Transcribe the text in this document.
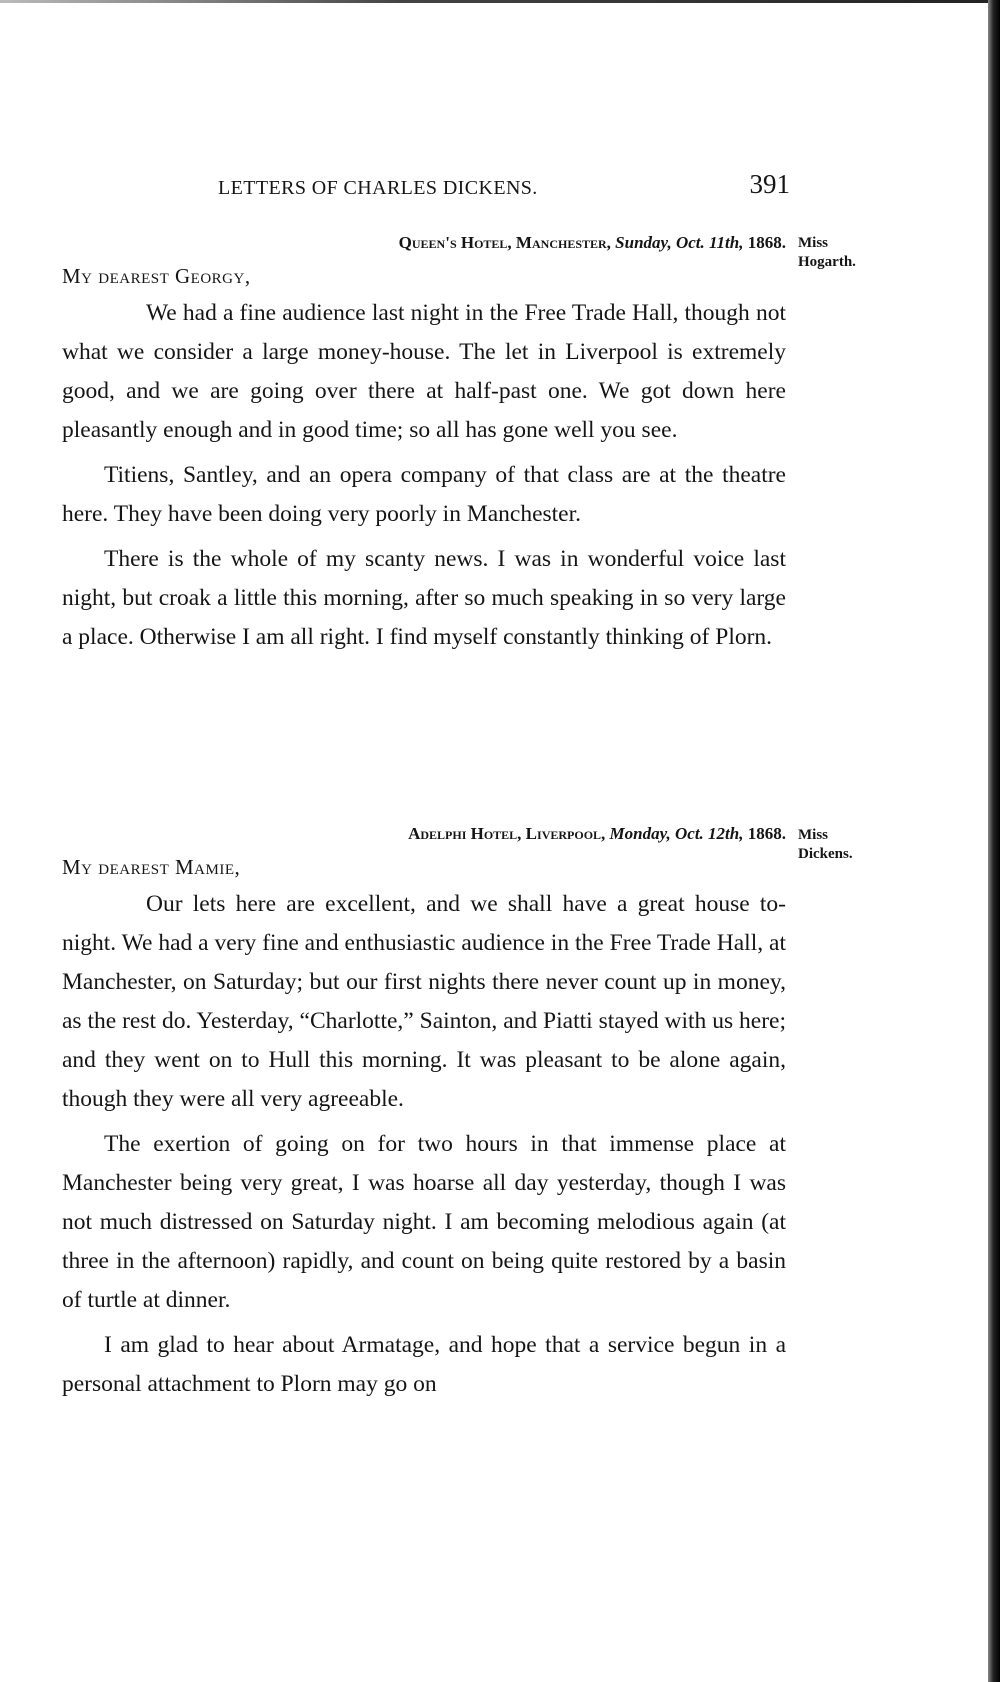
LETTERS OF CHARLES DICKENS.	391
Queen's Hotel, Manchester, Sunday, Oct. 11th, 1868.
My dearest Georgy,

We had a fine audience last night in the Free Trade Hall, though not what we consider a large money-house. The let in Liverpool is extremely good, and we are going over there at half-past one. We got down here pleasantly enough and in good time; so all has gone well you see.

Titiens, Santley, and an opera company of that class are at the theatre here. They have been doing very poorly in Manchester.

There is the whole of my scanty news. I was in wonderful voice last night, but croak a little this morning, after so much speaking in so very large a place. Otherwise I am all right. I find myself constantly thinking of Plorn.

Miss
Hogarth.
Adelphi Hotel, Liverpool, Monday, Oct. 12th, 1868.
My dearest Mamie,

Our lets here are excellent, and we shall have a great house to-night. We had a very fine and enthusiastic audience in the Free Trade Hall, at Manchester, on Saturday; but our first nights there never count up in money, as the rest do. Yesterday, “Charlotte,” Sainton, and Piatti stayed with us here; and they went on to Hull this morning. It was pleasant to be alone again, though they were all very agreeable.

The exertion of going on for two hours in that immense place at Manchester being very great, I was hoarse all day yesterday, though I was not much distressed on Saturday night. I am becoming melodious again (at three in the afternoon) rapidly, and count on being quite restored by a basin of turtle at dinner.

I am glad to hear about Armatage, and hope that a service begun in a personal attachment to Plorn may go on

Miss
Dickens.
